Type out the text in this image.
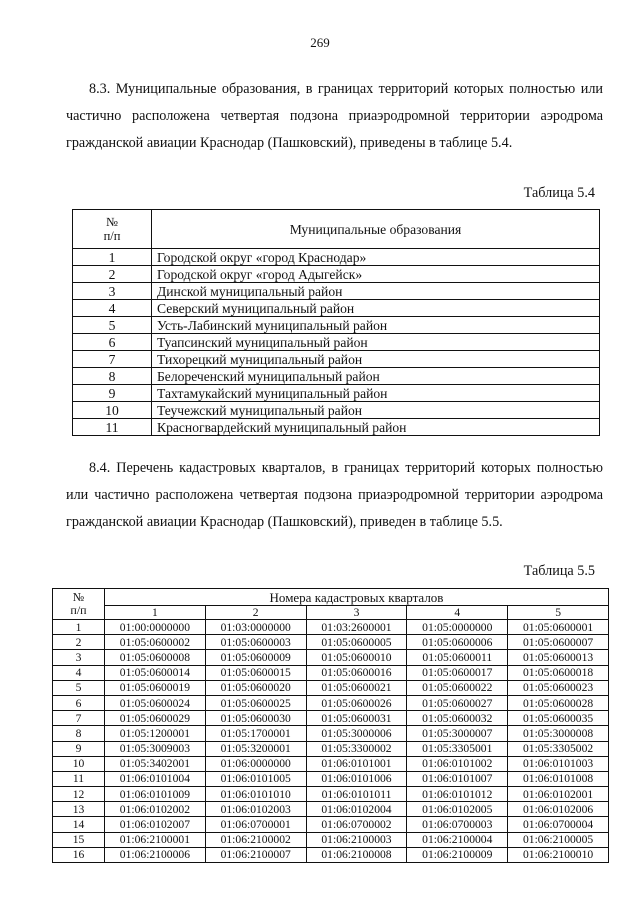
269

8.3. Муниципальные образования, в границах территорий которых полностью или частично расположена четвертая подзона приаэродромной территории аэродрома гражданской авиации Краснодар (Пашковский), приведены в таблице 5.4.

Таблица 5.4
№
п/п	Муниципальные образования
1	Городской округ «город Краснодар»
2	Городской округ «город Адыгейск»
3	Динской муниципальный район
4	Северский муниципальный район
5	Усть-Лабинский муниципальный район
6	Туапсинский муниципальный район
7	Тихорецкий муниципальный район
8	Белореченский муниципальный район
9	Тахтамукайский муниципальный район
10	Теучежский муниципальный район
11	Красногвардейский муниципальный район

8.4. Перечень кадастровых кварталов, в границах территорий которых полностью или частично расположена четвертая подзона приаэродромной территории аэродрома гражданской авиации Краснодар (Пашковский), приведен в таблице 5.5.

Таблица 5.5
№
п/п	Номера кадастровых кварталов				
	1	2	3	4	5
1	01:00:0000000	01:03:0000000	01:03:2600001	01:05:0000000	01:05:0600001
2	01:05:0600002	01:05:0600003	01:05:0600005	01:05:0600006	01:05:0600007
3	01:05:0600008	01:05:0600009	01:05:0600010	01:05:0600011	01:05:0600013
4	01:05:0600014	01:05:0600015	01:05:0600016	01:05:0600017	01:05:0600018
5	01:05:0600019	01:05:0600020	01:05:0600021	01:05:0600022	01:05:0600023
6	01:05:0600024	01:05:0600025	01:05:0600026	01:05:0600027	01:05:0600028
7	01:05:0600029	01:05:0600030	01:05:0600031	01:05:0600032	01:05:0600035
8	01:05:1200001	01:05:1700001	01:05:3000006	01:05:3000007	01:05:3000008
9	01:05:3009003	01:05:3200001	01:05:3300002	01:05:3305001	01:05:3305002
10	01:05:3402001	01:06:0000000	01:06:0101001	01:06:0101002	01:06:0101003
11	01:06:0101004	01:06:0101005	01:06:0101006	01:06:0101007	01:06:0101008
12	01:06:0101009	01:06:0101010	01:06:0101011	01:06:0101012	01:06:0102001
13	01:06:0102002	01:06:0102003	01:06:0102004	01:06:0102005	01:06:0102006
14	01:06:0102007	01:06:0700001	01:06:0700002	01:06:0700003	01:06:0700004
15	01:06:2100001	01:06:2100002	01:06:2100003	01:06:2100004	01:06:2100005
16	01:06:2100006	01:06:2100007	01:06:2100008	01:06:2100009	01:06:2100010
